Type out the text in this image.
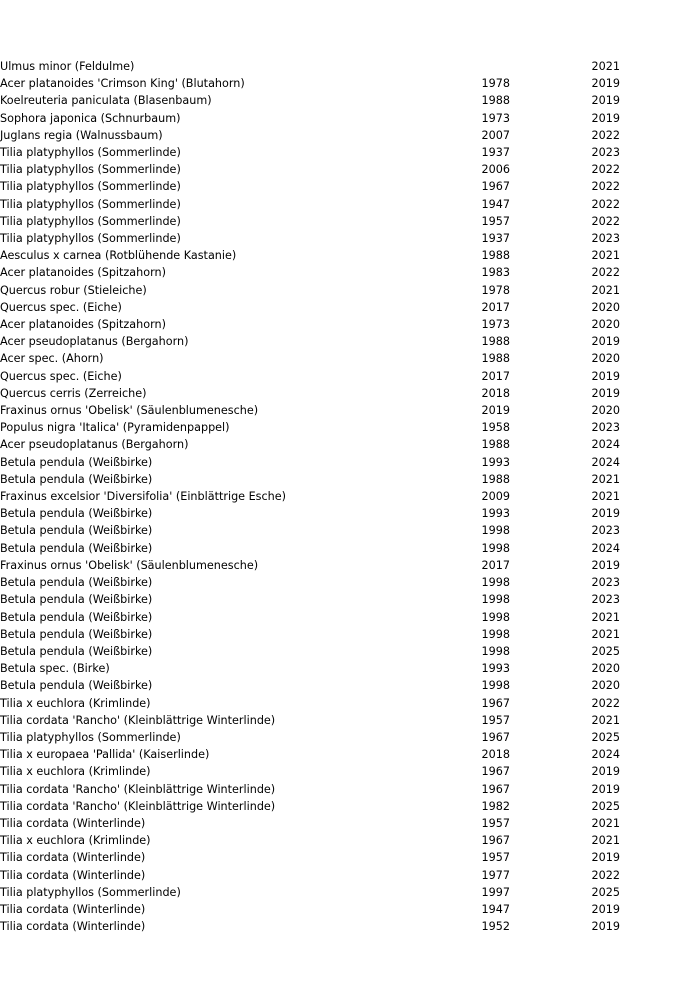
Ulmus minor (Feldulme)		2021	
Acer platanoides 'Crimson King' (Blutahorn)	1978	2019	
Koelreuteria paniculata (Blasenbaum)	1988	2019	
Sophora japonica (Schnurbaum)	1973	2019	
Juglans regia (Walnussbaum)	2007	2022	
Tilia platyphyllos (Sommerlinde)	1937	2023	
Tilia platyphyllos (Sommerlinde)	2006	2022	
Tilia platyphyllos (Sommerlinde)	1967	2022	
Tilia platyphyllos (Sommerlinde)	1947	2022	
Tilia platyphyllos (Sommerlinde)	1957	2022	
Tilia platyphyllos (Sommerlinde)	1937	2023	
Aesculus x carnea (Rotblühende Kastanie)	1988	2021	
Acer platanoides (Spitzahorn)	1983	2022	
Quercus robur (Stieleiche)	1978	2021	
Quercus spec. (Eiche)	2017	2020	
Acer platanoides (Spitzahorn)	1973	2020	
Acer pseudoplatanus (Bergahorn)	1988	2019	
Acer spec. (Ahorn)	1988	2020	
Quercus spec. (Eiche)	2017	2019	
Quercus cerris (Zerreiche)	2018	2019	
Fraxinus ornus 'Obelisk' (Säulenblumenesche)	2019	2020	
Populus nigra 'Italica' (Pyramidenpappel)	1958	2023	
Acer pseudoplatanus (Bergahorn)	1988	2024	
Betula pendula (Weißbirke)	1993	2024	
Betula pendula (Weißbirke)	1988	2021	
Fraxinus excelsior 'Diversifolia' (Einblättrige Esche)	2009	2021	
Betula pendula (Weißbirke)	1993	2019	
Betula pendula (Weißbirke)	1998	2023	
Betula pendula (Weißbirke)	1998	2024	
Fraxinus ornus 'Obelisk' (Säulenblumenesche)	2017	2019	
Betula pendula (Weißbirke)	1998	2023	
Betula pendula (Weißbirke)	1998	2023	
Betula pendula (Weißbirke)	1998	2021	
Betula pendula (Weißbirke)	1998	2021	
Betula pendula (Weißbirke)	1998	2025	
Betula spec. (Birke)	1993	2020	
Betula pendula (Weißbirke)	1998	2020	
Tilia x euchlora (Krimlinde)	1967	2022	
Tilia cordata 'Rancho' (Kleinblättrige Winterlinde)	1957	2021	
Tilia platyphyllos (Sommerlinde)	1967	2025	
Tilia x europaea 'Pallida' (Kaiserlinde)	2018	2024	
Tilia x euchlora (Krimlinde)	1967	2019	
Tilia cordata 'Rancho' (Kleinblättrige Winterlinde)	1967	2019	
Tilia cordata 'Rancho' (Kleinblättrige Winterlinde)	1982	2025	
Tilia cordata (Winterlinde)	1957	2021	
Tilia x euchlora (Krimlinde)	1967	2021	
Tilia cordata (Winterlinde)	1957	2019	
Tilia cordata (Winterlinde)	1977	2022	
Tilia platyphyllos (Sommerlinde)	1997	2025	
Tilia cordata (Winterlinde)	1947	2019	
Tilia cordata (Winterlinde)	1952	2019	
